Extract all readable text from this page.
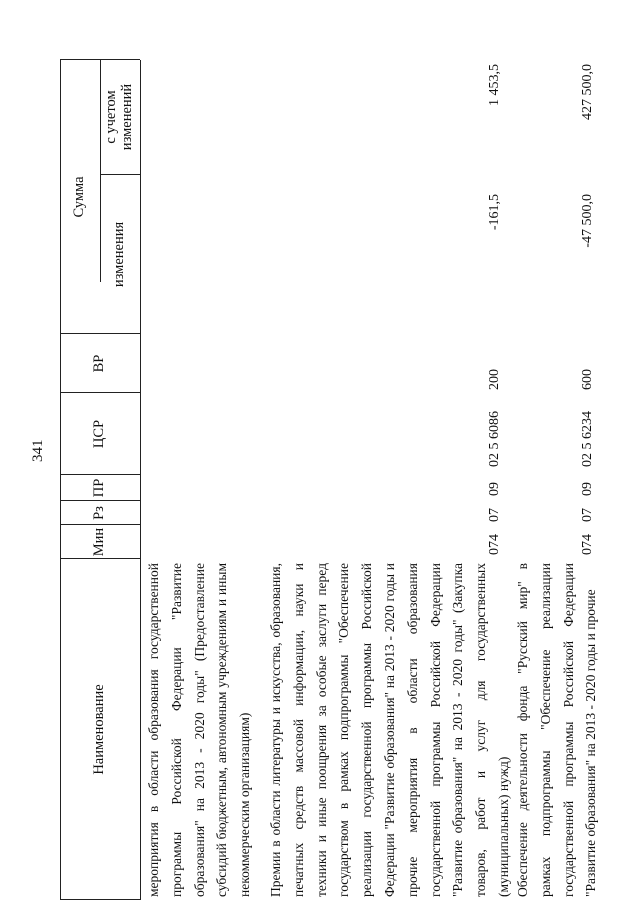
341
Наименование
Мин
Рз
ПР
ЦСР
ВР
Сумма
изменения
с учетом изменений
мероприятия в области образования государственной программы Российской Федерации "Развитие образования" на 2013 - 2020 годы" (Предоставление субсидий бюджетным, автономным учреждениям и иным некоммерческим организациям)	Премии в области литературы и искусства, образования, печатных средств массовой информации, науки и техники и иные поощрения за особые заслуги перед государством в рамках подпрограммы "Обеспечение реализации государственной программы Российской Федерации "Развитие образования" на 2013 - 2020 годы и прочие мероприятия в области образования государственной программы Российской Федерации "Развитие образования" на 2013 - 2020 годы" (Закупка товаров, работ и услуг для государственных (муниципальных) нужд)
074
07
09
02 5 6086
200
-161,5
1 453,5
Обеспечение деятельности фонда "Русский мир" в рамках подпрограммы "Обеспечение реализации государственной программы Российской Федерации "Развитие образования" на 2013 - 2020 годы и прочие
074
07
09
02 5 6234
600
-47 500,0
427 500,0
